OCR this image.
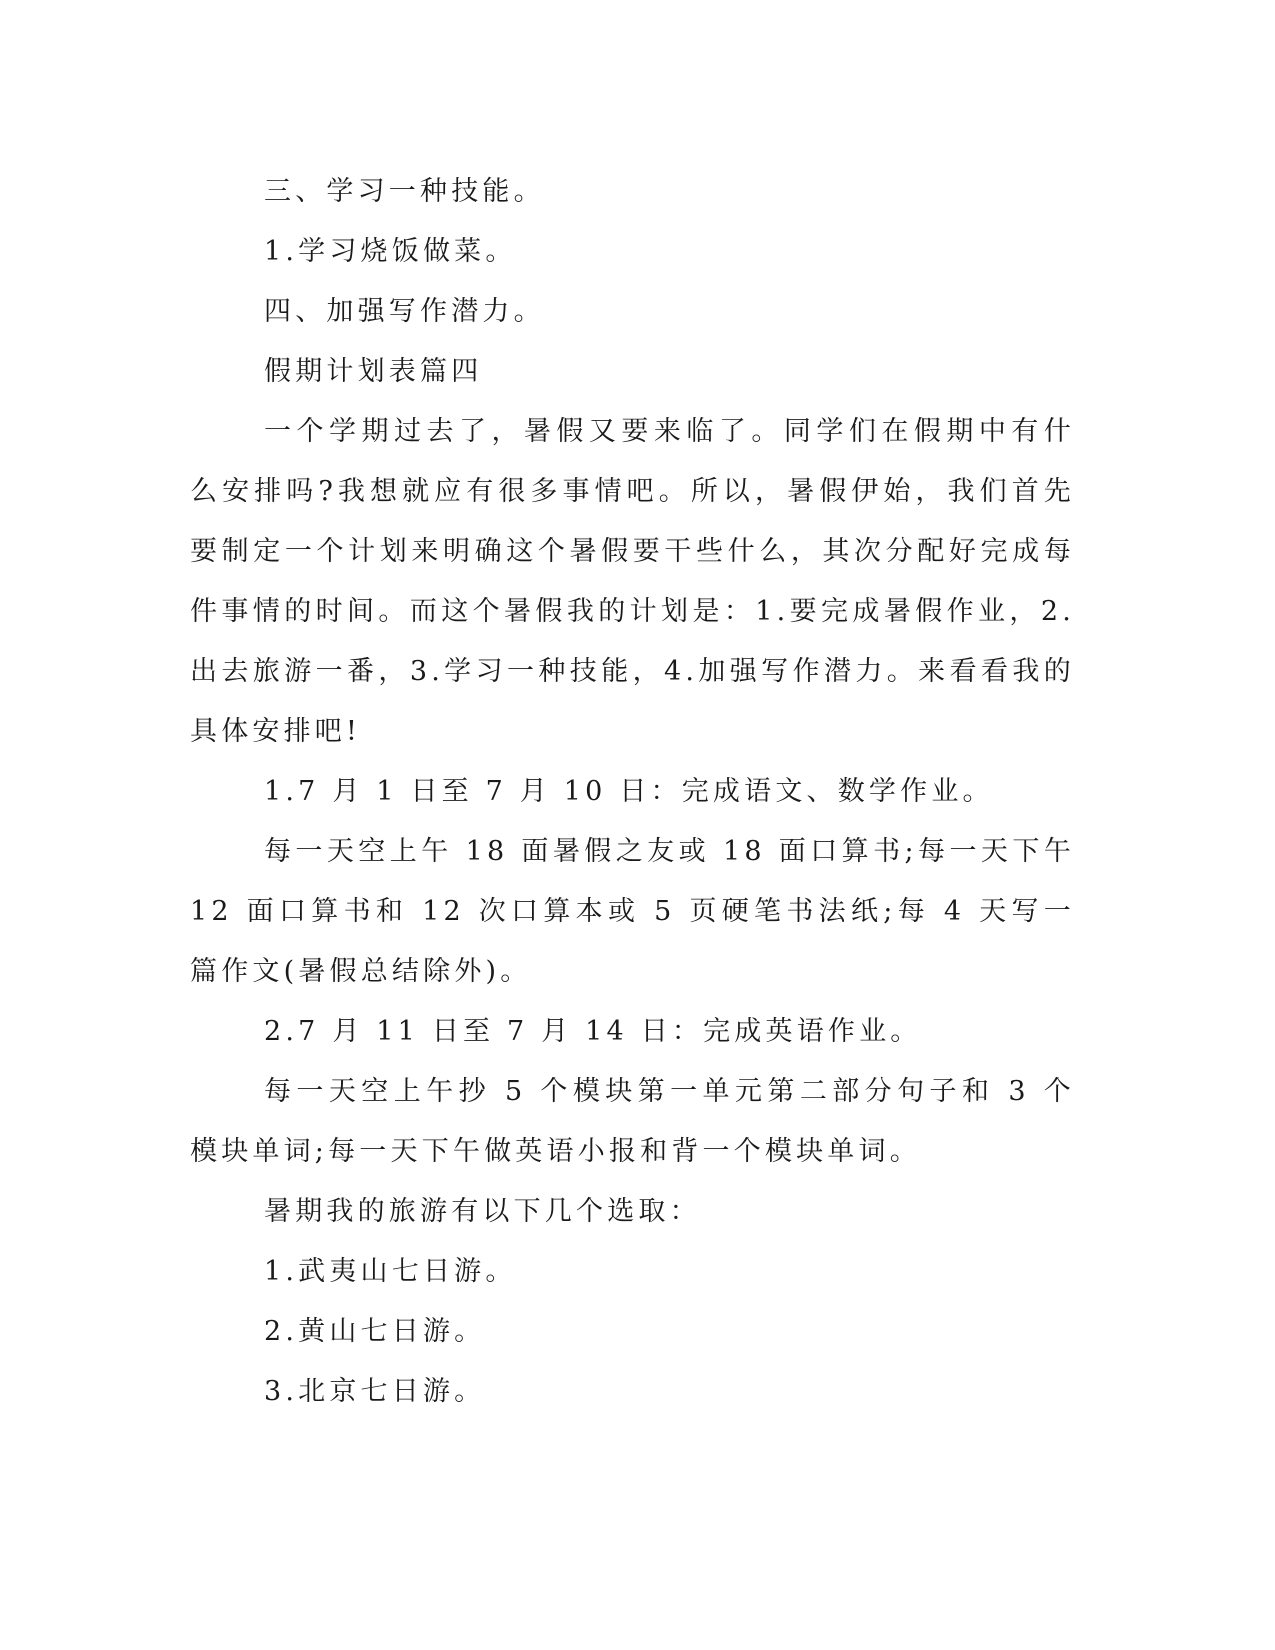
三、学习一种技能。

1.学习烧饭做菜。

四、加强写作潜力。

假期计划表篇四

一个学期过去了，暑假又要来临了。同学们在假期中有什么安排吗?我想就应有很多事情吧。所以，暑假伊始，我们首先要制定一个计划来明确这个暑假要干些什么，其次分配好完成每件事情的时间。而这个暑假我的计划是：1.要完成暑假作业，2.出去旅游一番，3.学习一种技能，4.加强写作潜力。来看看我的具体安排吧!

1.7 月 1 日至 7 月 10 日：完成语文、数学作业。

每一天空上午 18 面暑假之友或 18 面口算书;每一天下午 12 面口算书和 12 次口算本或 5 页硬笔书法纸;每 4 天写一篇作文(暑假总结除外)。

2.7 月 11 日至 7 月 14 日：完成英语作业。

每一天空上午抄 5 个模块第一单元第二部分句子和 3 个模块单词;每一天下午做英语小报和背一个模块单词。

暑期我的旅游有以下几个选取：

1.武夷山七日游。

2.黄山七日游。

3.北京七日游。
